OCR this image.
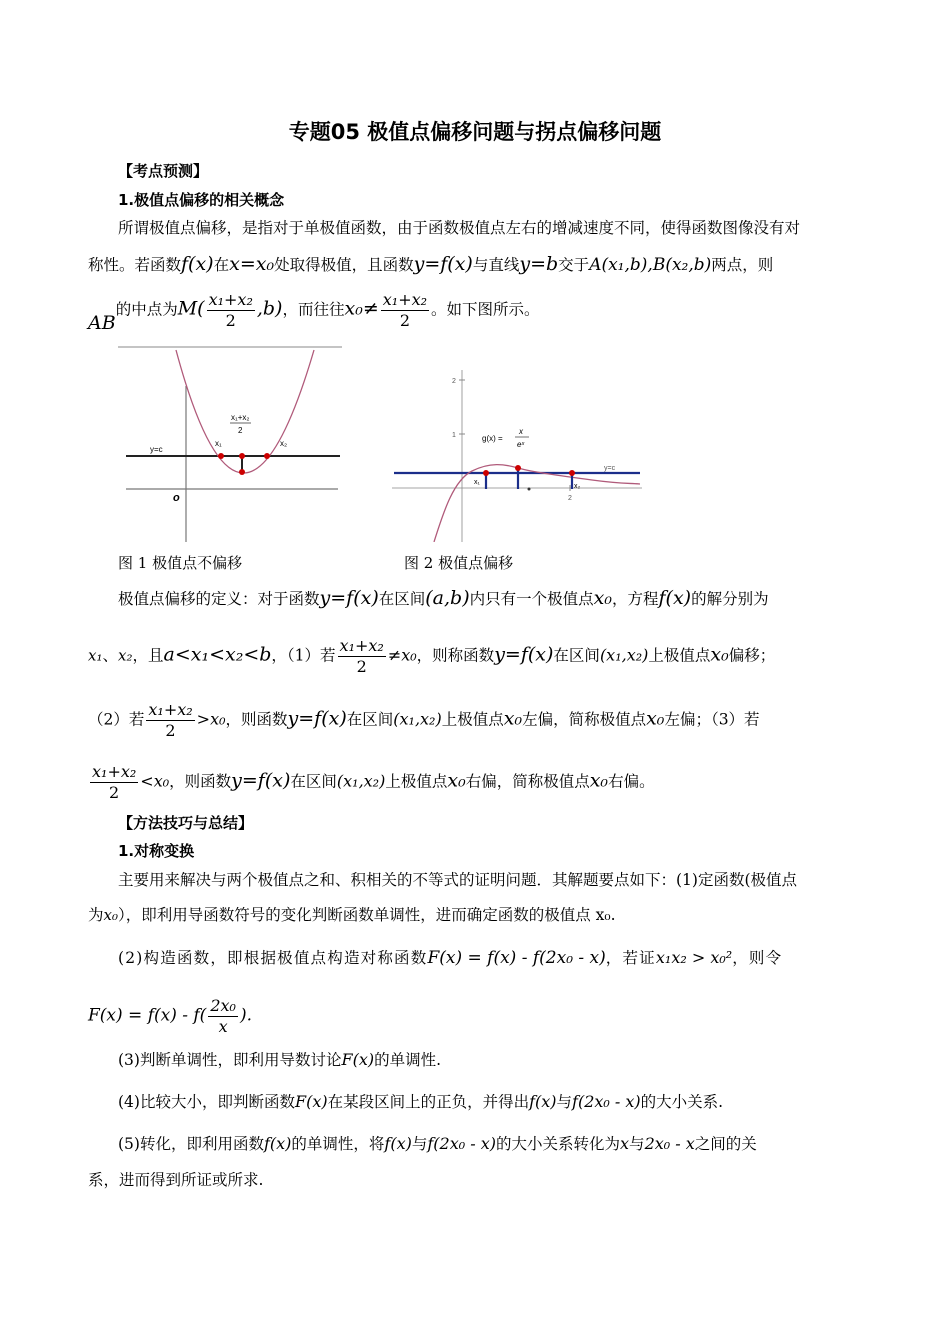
专题05 极值点偏移问题与拐点偏移问题
【考点预测】
1.极值点偏移的相关概念
所谓极值点偏移，是指对于单极值函数，由于函数极值点左右的增减速度不同，使得函数图像没有对
称性。若函数f(x)在x=x₀处取得极值，且函数y=f(x)与直线y=b交于A(x₁,b),B(x₂,b)两点，则
AB的中点为$M( \frac{\text{x₁+x₂}}{2} ,b)$，而往往$x_0\ne \frac{\text{x₁+x₂}}{2}$ 。如下图所示。
y=c
o
x₁	x₂
x₁+x₂
2
2
1
2
g(x) =
x
eˣ
y=c
x₁
x₂
图 1 极值点不偏移	图 2 极值点偏移
极值点偏移的定义：对于函数y=f(x)在区间(a,b)内只有一个极值点x₀，方程f(x)的解分别为
x₁、x₂，且a<x₁<x₂<b，（1）若 $\frac{\text{x₁+x₂}}{2} \ne x_0$，则称函数y=f(x)在区间(x₁,x₂)上极值点x₀偏移；
（2）若 $\frac{\text{x₁+x₂}}{2} >x_0$，则函数y=f(x)在区间(x₁,x₂)上极值点x₀左偏，简称极值点x₀左偏；（3）若
$\frac{\text{x₁+x₂}}{2} <x_0$，则函数y=f(x)在区间(x₁,x₂)上极值点x₀右偏，简称极值点x₀右偏。
【方法技巧与总结】
1.对称变换
主要用来解决与两个极值点之和、积相关的不等式的证明问题．其解题要点如下：(1)定函数(极值点
为x₀），即利用导函数符号的变化判断函数单调性，进而确定函数的极值点 x₀.
(2)构造函数，即根据极值点构造对称函数F(x) = f(x) - f(2x₀ - x)，若证x₁x₂ > x₀²，则令
$F(x) = f(x) - f( \frac{\text{2x₀}}{x}$ ).
(3)判断单调性，即利用导数讨论F(x)的单调性.
(4)比较大小，即判断函数F(x)在某段区间上的正负，并得出f(x)与f(2x₀ - x)的大小关系.
(5)转化，即利用函数f(x)的单调性，将f(x)与f(2x₀ - x)的大小关系转化为x与2x₀ - x之间的关
系，进而得到所证或所求.
